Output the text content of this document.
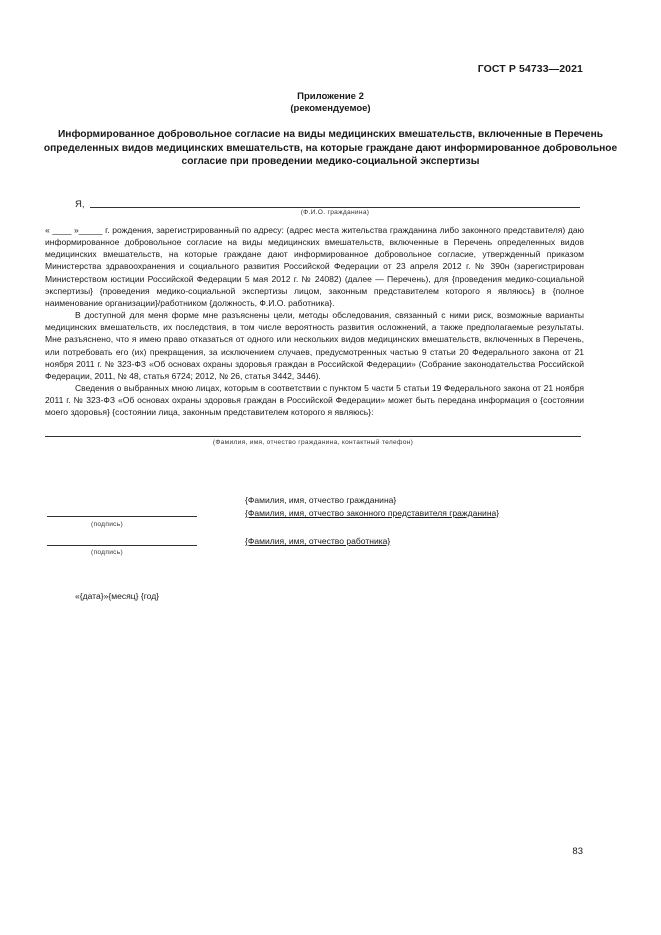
ГОСТ Р 54733—2021
Приложение 2
(рекомендуемое)
Информированное добровольное согласие на виды медицинских вмешательств, включенные в Перечень определенных видов медицинских вмешательств, на которые граждане дают информированное добровольное согласие при проведении медико-социальной экспертизы
Я,
(Ф.И.О. гражданина)

« ____ »_____ г. рождения, зарегистрированный по адресу: (адрес места жительства гражданина либо законного представителя) даю информированное добровольное согласие на виды медицинских вмешательств, включенные в Перечень определенных видов медицинских вмешательств, на которые граждане дают информированное добровольное согласие, утвержденный приказом Министерства здравоохранения и социального развития Российской Федерации от 23 апреля 2012 г. № 390н (зарегистрирован Министерством юстиции Российской Федерации 5 мая 2012 г. № 24082) (далее — Перечень), для {проведения медико-социальной экспертизы} {проведения медико-социальной экспертизы лицом, законным представителем которого я являюсь} в {полное наименование организации}/работником {должность, Ф.И.О. работника}.

В доступной для меня форме мне разъяснены цели, методы обследования, связанный с ними риск, возможные варианты медицинских вмешательств, их последствия, в том числе вероятность развития осложнений, а также предполагаемые результаты. Мне разъяснено, что я имею право отказаться от одного или нескольких видов медицинских вмешательств, включенных в Перечень, или потребовать его (их) прекращения, за исключением случаев, предусмотренных частью 9 статьи 20 Федерального закона от 21 ноября 2011 г. № 323-ФЗ «Об основах охраны здоровья граждан в Российской Федерации» (Собрание законодательства Российской Федерации, 2011, № 48, статья 6724; 2012, № 26, статья 3442, 3446).

Сведения о выбранных мною лицах, которым в соответствии с пунктом 5 части 5 статьи 19 Федерального закона от 21 ноября 2011 г. № 323-ФЗ «Об основах охраны здоровья граждан в Российской Федерации» может быть передана информация о {состоянии моего здоровья} {состоянии лица, законным представителем которого я являюсь}:

(Фамилия, имя, отчество гражданина, контактный телефон)
{Фамилия, имя, отчество гражданина}
{Фамилия, имя, отчество законного представителя гражданина}
(подпись)
{Фамилия, имя, отчество работника}
(подпись)
«{дата}»{месяц} {год}
83
